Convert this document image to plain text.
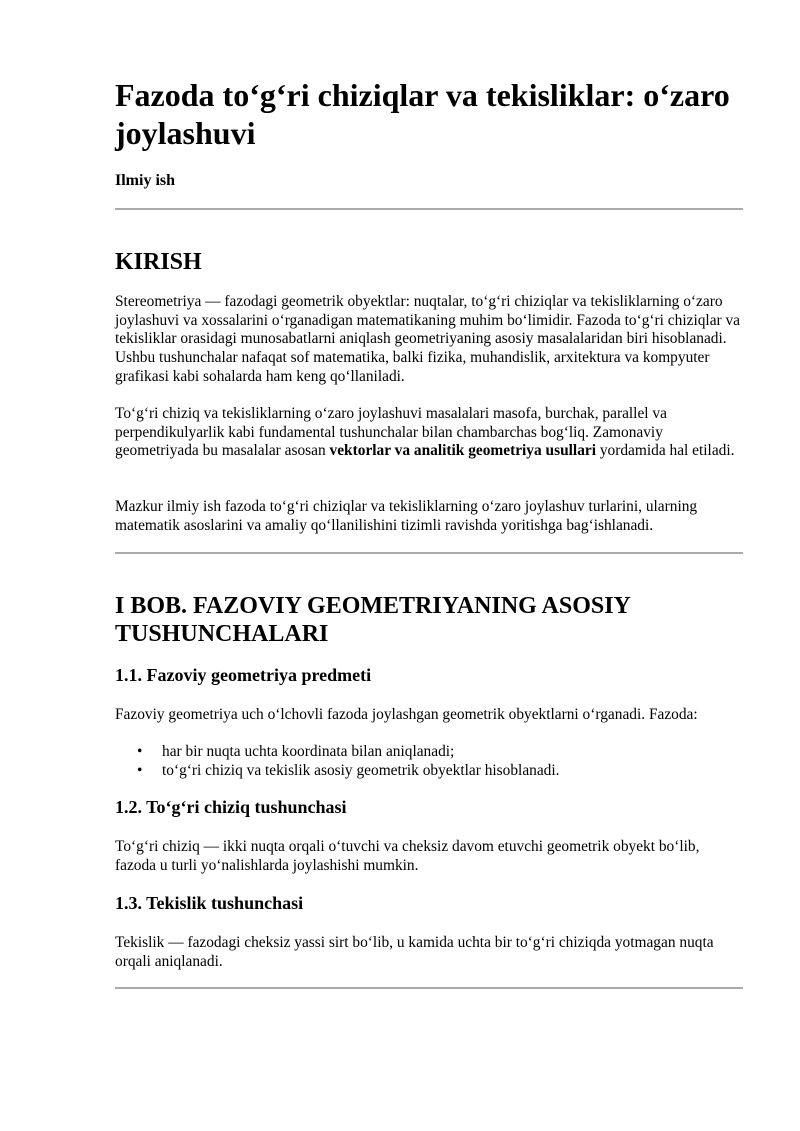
Fazoda to‘g‘ri chiziqlar va tekisliklar: o‘zaro joylashuvi
Ilmiy ish
KIRISH

Stereometriya — fazodagi geometrik obyektlar: nuqtalar, to‘g‘ri chiziqlar va tekisliklarning o‘zaro joylashuvi va xossalarini o‘rganadigan matematikaning muhim bo‘limidir. Fazoda to‘g‘ri chiziqlar va tekisliklar orasidagi munosabatlarni aniqlash geometriyaning asosiy masalalaridan biri hisoblanadi. Ushbu tushunchalar nafaqat sof matematika, balki fizika, muhandislik, arxitektura va kompyuter grafikasi kabi sohalarda ham keng qo‘llaniladi.

To‘g‘ri chiziq va tekisliklarning o‘zaro joylashuvi masalalari masofa, burchak, parallel va perpendikulyarlik kabi fundamental tushunchalar bilan chambarchas bog‘liq. Zamonaviy geometriyada bu masalalar asosan vektorlar va analitik geometriya usullari yordamida hal etiladi.

Mazkur ilmiy ish fazoda to‘g‘ri chiziqlar va tekisliklarning o‘zaro joylashuv turlarini, ularning matematik asoslarini va amaliy qo‘llanilishini tizimli ravishda yoritishga bag‘ishlanadi.

I BOB. FAZOVIY GEOMETRIYANING ASOSIY TUSHUNCHALARI
1.1. Fazoviy geometriya predmeti

Fazoviy geometriya uch o‘lchovli fazoda joylashgan geometrik obyektlarni o‘rganadi. Fazoda:

• har bir nuqta uchta koordinata bilan aniqlanadi;
• to‘g‘ri chiziq va tekislik asosiy geometrik obyektlar hisoblanadi.
1.2. To‘g‘ri chiziq tushunchasi

To‘g‘ri chiziq — ikki nuqta orqali o‘tuvchi va cheksiz davom etuvchi geometrik obyekt bo‘lib, fazoda u turli yo‘nalishlarda joylashishi mumkin.

1.3. Tekislik tushunchasi

Tekislik — fazodagi cheksiz yassi sirt bo‘lib, u kamida uchta bir to‘g‘ri chiziqda yotmagan nuqta orqali aniqlanadi.
